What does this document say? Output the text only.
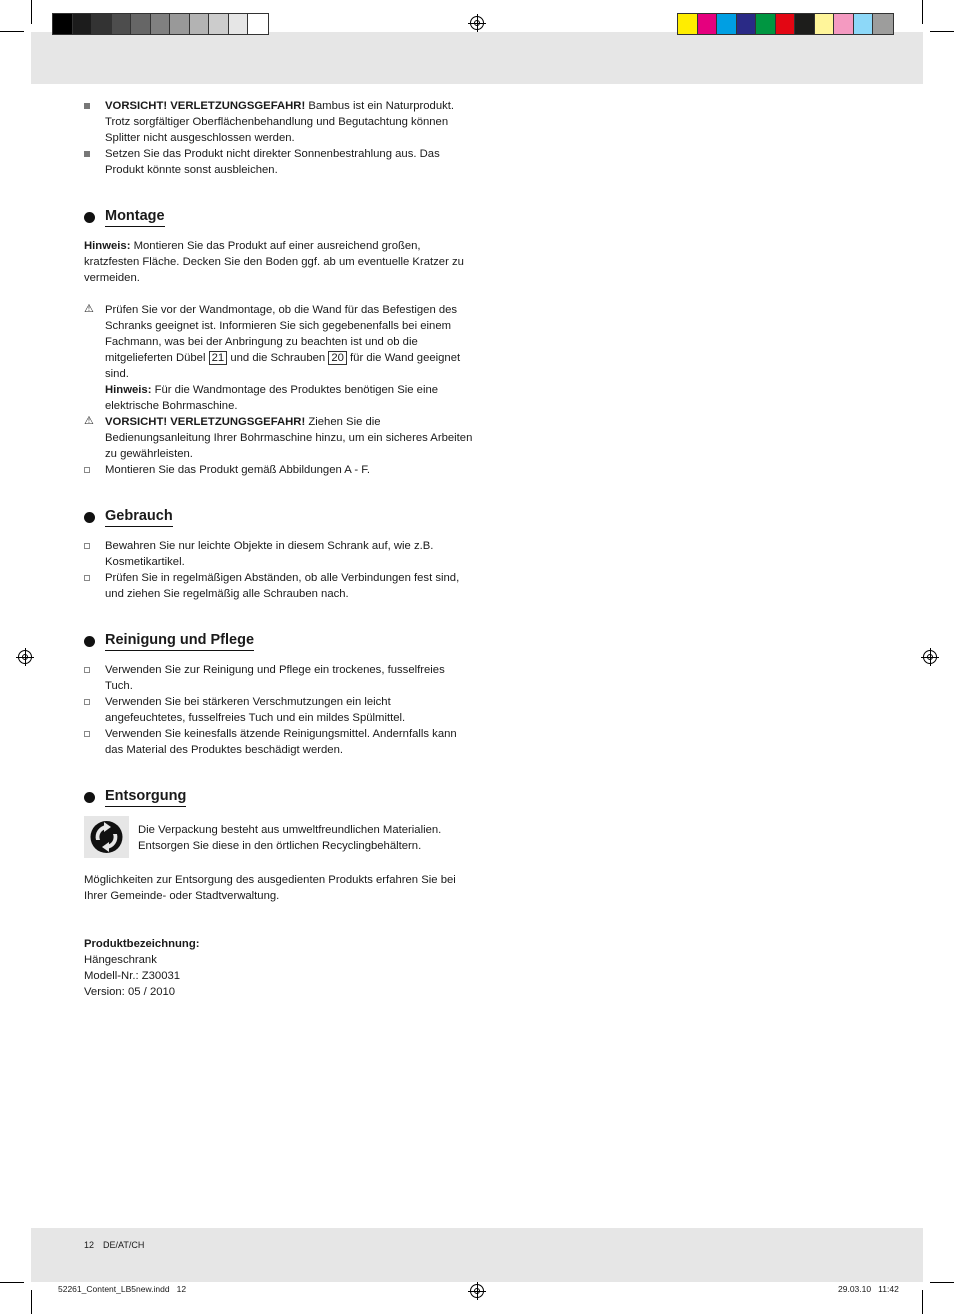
VORSICHT! VERLETZUNGSGEFAHR! Bambus ist ein Naturprodukt. Trotz sorgfältiger Oberflächenbehandlung und Begutachtung können Splitter nicht ausgeschlossen werden.
Setzen Sie das Produkt nicht direkter Sonnenbestrahlung aus. Das Produkt könnte sonst ausbleichen.
Montage

Hinweis: Montieren Sie das Produkt auf einer ausreichend großen, kratzfesten Fläche. Decken Sie den Boden ggf. ab um eventuelle Kratzer zu vermeiden.

⚠ Prüfen Sie vor der Wandmontage, ob die Wand für das Befestigen des Schranks geeignet ist. Informieren Sie sich gegebenenfalls bei einem Fachmann, was bei der Anbringung zu beachten ist und ob die mitgelieferten Dübel 21 und die Schrauben 20 für die Wand geeignet sind.
Hinweis: Für die Wandmontage des Produktes benötigen Sie eine elektrische Bohrmaschine.
⚠ VORSICHT! VERLETZUNGSGEFAHR! Ziehen Sie die Bedienungsanleitung Ihrer Bohrmaschine hinzu, um ein sicheres Arbeiten zu gewährleisten.
Montieren Sie das Produkt gemäß Abbildungen A - F.
Gebrauch
Bewahren Sie nur leichte Objekte in diesem Schrank auf, wie z.B. Kosmetikartikel.
Prüfen Sie in regelmäßigen Abständen, ob alle Verbindungen fest sind, und ziehen Sie regelmäßig alle Schrauben nach.
Reinigung und Pflege
Verwenden Sie zur Reinigung und Pflege ein trockenes, fusselfreies Tuch.
Verwenden Sie bei stärkeren Verschmutzungen ein leicht angefeuchtetes, fusselfreies Tuch und ein mildes Spülmittel.
Verwenden Sie keinesfalls ätzende Reinigungsmittel. Andernfalls kann das Material des Produktes beschädigt werden.
Entsorgung
Die Verpackung besteht aus umweltfreundlichen Materialien. Entsorgen Sie diese in den örtlichen Recyclingbehältern.

Möglichkeiten zur Entsorgung des ausgedienten Produkts erfahren Sie bei Ihrer Gemeinde- oder Stadtverwaltung.

Produktbezeichnung:
Hängeschrank
Modell-Nr.: Z30031
Version: 05 / 2010
12 DE/AT/CH
52261_Content_LB5new.indd   12	29.03.10   11:42
